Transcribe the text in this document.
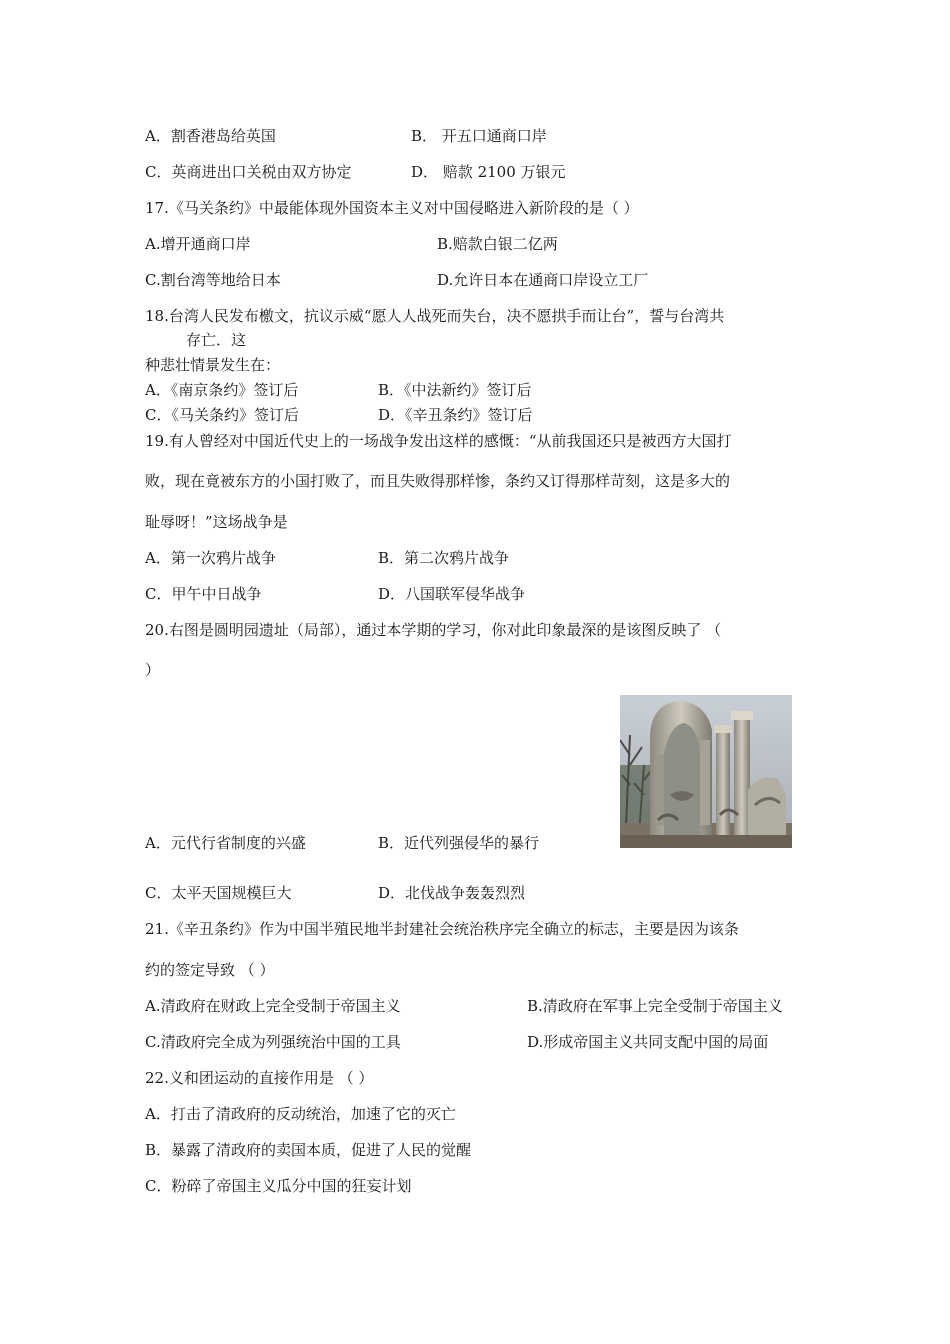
A．割香港岛给英国	B． 开五口通商口岸
C．英商进出口关税由双方协定	D． 赔款 2100 万银元
17.《马关条约》中最能体现外国资本主义对中国侵略进入新阶段的是（ ）
A.增开通商口岸	B.赔款白银二亿两
C.割台湾等地给日本	D.允许日本在通商口岸设立工厂
18.台湾人民发布檄文，抗议示威“愿人人战死而失台，决不愿拱手而让台”，誓与台湾共
存亡．这
种悲壮情景发生在：
A．《南京条约》签订后	B．《中法新约》签订后
C．《马关条约》签订后	D．《辛丑条约》签订后
19.有人曾经对中国近代史上的一场战争发出这样的感慨：“从前我国还只是被西方大国打
败，现在竟被东方的小国打败了，而且失败得那样惨，条约又订得那样苛刻，这是多大的
耻辱呀！”这场战争是
A．第一次鸦片战争	B．第二次鸦片战争
C．甲午中日战争	D．八国联军侵华战争
20.右图是圆明园遗址（局部），通过本学期的学习，你对此印象最深的是该图反映了 （
）
A．元代行省制度的兴盛	B．近代列强侵华的暴行
C．太平天国规模巨大	D．北伐战争轰轰烈烈
21.《辛丑条约》作为中国半殖民地半封建社会统治秩序完全确立的标志，主要是因为该条
约的签定导致 （ ）
A.清政府在财政上完全受制于帝国主义	B.清政府在军事上完全受制于帝国主义
C.清政府完全成为列强统治中国的工具	D.形成帝国主义共同支配中国的局面
22.义和团运动的直接作用是 （ ）
A．打击了清政府的反动统治，加速了它的灭亡
B．暴露了清政府的卖国本质，促进了人民的觉醒
C．粉碎了帝国主义瓜分中国的狂妄计划
